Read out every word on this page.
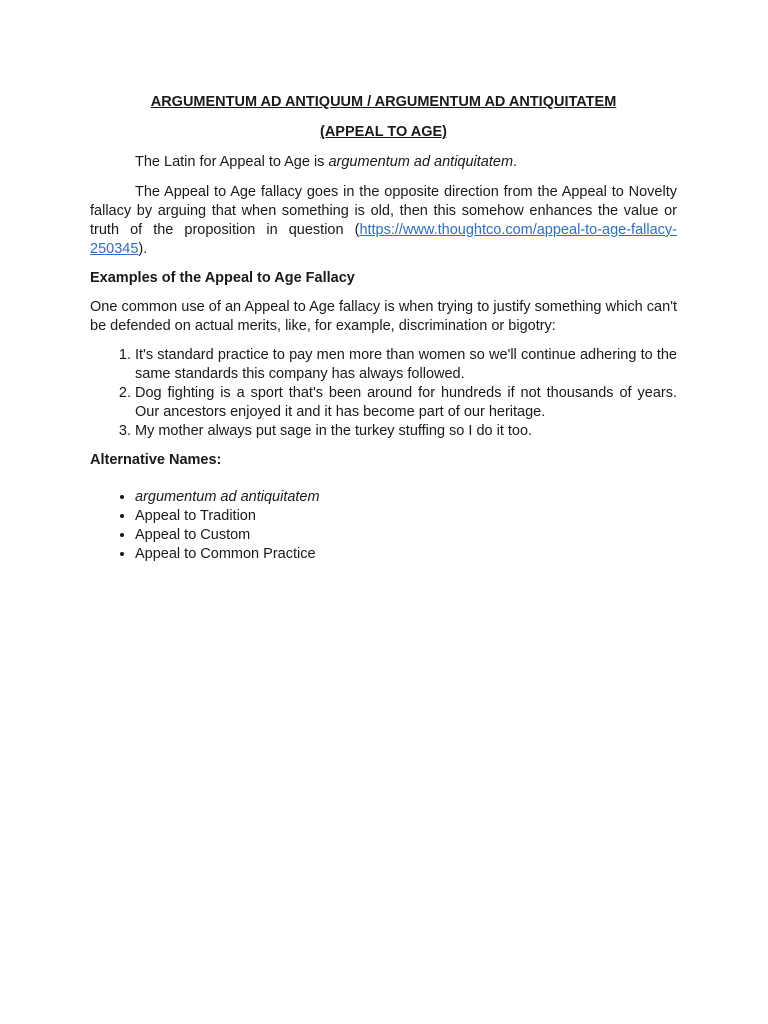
ARGUMENTUM AD ANTIQUUM / ARGUMENTUM AD ANTIQUITATEM

(APPEAL TO AGE)

The Latin for Appeal to Age is argumentum ad antiquitatem.

The Appeal to Age fallacy goes in the opposite direction from the Appeal to Novelty fallacy by arguing that when something is old, then this somehow enhances the value or truth of the proposition in question (https://www.thoughtco.com/appeal-to-age-fallacy-250345).

Examples of the Appeal to Age Fallacy

One common use of an Appeal to Age fallacy is when trying to justify something which can't be defended on actual merits, like, for example, discrimination or bigotry:

1. It's standard practice to pay men more than women so we'll continue adhering to the same standards this company has always followed.
2. Dog fighting is a sport that's been around for hundreds if not thousands of years. Our ancestors enjoyed it and it has become part of our heritage.
3. My mother always put sage in the turkey stuffing so I do it too.

Alternative Names:

• argumentum ad antiquitatem
• Appeal to Tradition
• Appeal to Custom
• Appeal to Common Practice
